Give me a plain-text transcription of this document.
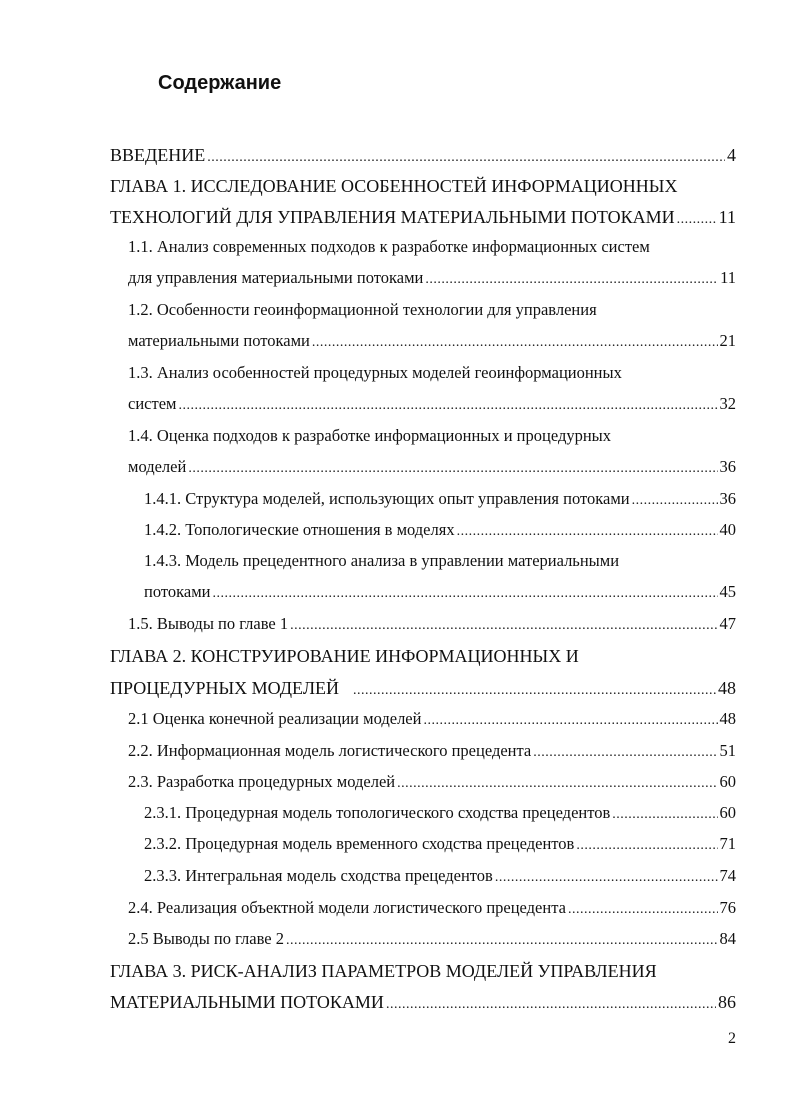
Содержание
ВВЕДЕНИЕ .....	4
ГЛАВА 1. ИССЛЕДОВАНИЕ ОСОБЕННОСТЕЙ ИНФОРМАЦИОННЫХ
ТЕХНОЛОГИЙ ДЛЯ УПРАВЛЕНИЯ МАТЕРИАЛЬНЫМИ ПОТОКАМИ ..... 11
1.1. Анализ современных подходов к разработке информационных систем
для управления материальными потоками .....	11
1.2. Особенности геоинформационной технологии для управления
материальными потоками .....	21
1.3. Анализ особенностей процедурных моделей геоинформационных
систем .....	32
1.4. Оценка подходов к разработке информационных и процедурных
моделей .....	36
1.4.1. Структура моделей, использующих опыт управления потоками .....	36
1.4.2. Топологические отношения в моделях .....	40
1.4.3. Модель прецедентного анализа в управлении материальными
потоками .....	45
1.5. Выводы по главе 1 .....	47
ГЛАВА 2. КОНСТРУИРОВАНИЕ ИНФОРМАЦИОННЫХ И
ПРОЦЕДУРНЫХ МОДЕЛЕЙ .....	48
2.1 Оценка конечной реализации моделей .....	48
2.2. Информационная модель логистического прецедента .....	51
2.3. Разработка процедурных моделей .....	60
2.3.1. Процедурная модель топологического сходства прецедентов .....	60
2.3.2. Процедурная модель временного сходства прецедентов .....	71
2.3.3. Интегральная модель сходства прецедентов .....	74
2.4. Реализация объектной модели логистического прецедента .....	76
2.5 Выводы по главе 2 .....	84
ГЛАВА 3. РИСК-АНАЛИЗ ПАРАМЕТРОВ МОДЕЛЕЙ УПРАВЛЕНИЯ
МАТЕРИАЛЬНЫМИ ПОТОКАМИ .....	86
2
